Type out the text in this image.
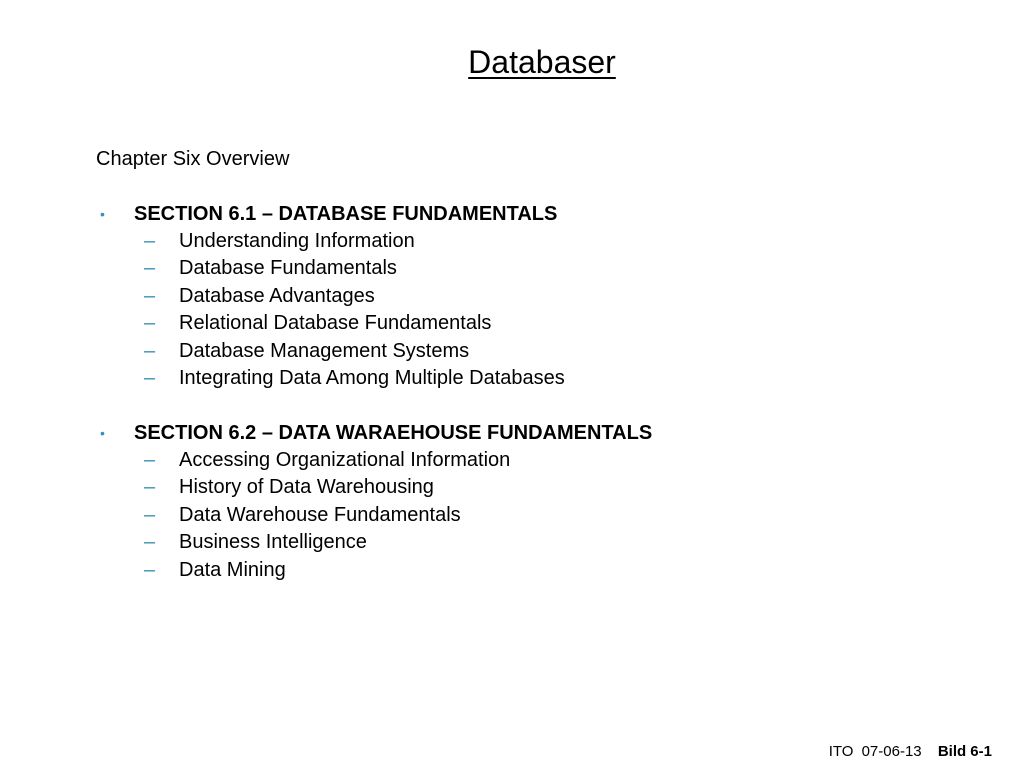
Databaser
Chapter Six Overview
• SECTION 6.1 – DATABASE FUNDAMENTALS
– Understanding Information
– Database Fundamentals
– Database Advantages
– Relational Database Fundamentals
– Database Management Systems
– Integrating Data Among Multiple Databases
• SECTION 6.2 – DATA WARAEHOUSE FUNDAMENTALS
– Accessing Organizational Information
– History of Data Warehousing
– Data Warehouse Fundamentals
– Business Intelligence
– Data Mining
ITO 07-06-13 Bild 6-1
